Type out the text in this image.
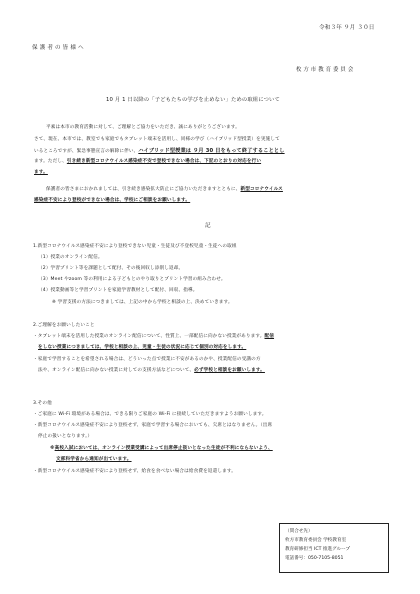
令和３年 ９月 ３０日
保 護 者 の 皆 様 へ
枚 方 市 教 育 委 員 会
10 月 1 日以降の「子どもたちの学びを止めない」ための取組について
平素は本市の教育活動に対して、ご理解とご協力をいただき、誠にありがとうございます。
さて、現在、本市では、教室でも家庭でもタブレット端末を活用し、同様の学び（ハイブリッド型授業）を実施して
いるところですが、緊急事態宣言の解除に伴い、ハイブリッド型授業は ９月 30 日をもって終了することとし
ます。ただし、引き続き新型コロナウイルス感染症不安で登校できない場合は、下記のとおりの対応を行い
ます。
保護者の皆さまにおかれましては、引き続き感染拡大防止にご協力いただきますとともに、新型コロナウイルス
感染症不安により登校ができない場合は、学校にご相談をお願いします。
記
1.新型コロナウイルス感染症不安により登校できない児童・生徒及び不登校児童・生徒への取組
（1）授業のオンライン配信。
（2）学習プリント等を課題として配付、その後回収し添削し返却。
（3）Meet やzoom 等の利用による子どもとのやり取りとプリント学習の組み合わせ。
（4）授業動画等と学習プリントを家庭学習教材として配付、回収、指導。
※ 学習支援の方法につきましては、上記の中から学校と相談の上、決めていきます。
2.ご理解をお願いしたいこと
・タブレット端末を活用した授業のオンライン配信について、性質上、一部配信に向かない授業があります。配信
をしない授業につきましては、学校と相談の上、児童・生徒の状況に応じて個別の対応をします。
・家庭で学習することを希望される場合は、どういった点で授業に不安があるのかや、授業配信の受講の方
法や、オンライン配信に向かない授業に対しての支援方法などについて、必ず学校と相談をお願いします。
3.その他
・ご家庭に Wi-Fi 環境がある場合は、できる限りご家庭の Wi-Fi に接続していただきますようお願いします。
・新型コロナウイルス感染症不安により登校せず、家庭で学習する場合においても、欠席とはなりません。（出席
停止の扱いとなります。）
※高校入試においては、オンライン授業受講によって出席停止扱いとなった生徒が不利にならないよう、
文部科学省から通知が出ています。
・新型コロナウイルス感染症不安により登校せず、給食を食べない場合は給食費を返還します。
（問合せ先）
枚方市教育委員会 学校教育室
教育研修担当 ICT 推進グループ
電話番号：050-7105-8051
